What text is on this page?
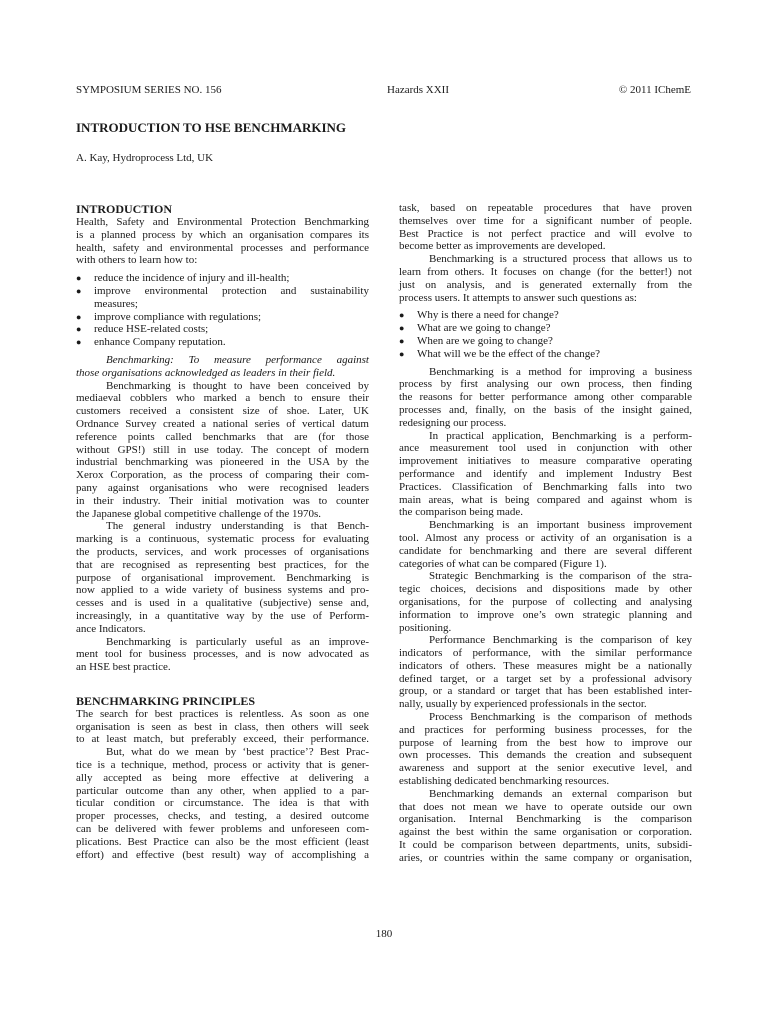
SYMPOSIUM SERIES NO. 156	Hazards XXII	© 2011 IChemE
INTRODUCTION TO HSE BENCHMARKING
A. Kay, Hydroprocess Ltd, UK
INTRODUCTION
Health, Safety and Environmental Protection Benchmarking
is a planned process by which an organisation compares its
health, safety and environmental processes and performance
with others to learn how to:
● reduce the incidence of injury and ill-health;
● improve environmental protection and sustainability
measures;
● improve compliance with regulations;
● reduce HSE-related costs;
● enhance Company reputation.
Benchmarking: To measure performance against
those organisations acknowledged as leaders in their field.
Benchmarking is thought to have been conceived by
mediaeval cobblers who marked a bench to ensure their
customers received a consistent size of shoe. Later, UK
Ordnance Survey created a national series of vertical datum
reference points called benchmarks that are (for those
without GPS!) still in use today. The concept of modern
industrial benchmarking was pioneered in the USA by the
Xerox Corporation, as the process of comparing their com-
pany against organisations who were recognised leaders
in their industry. Their initial motivation was to counter
the Japanese global competitive challenge of the 1970s.
The general industry understanding is that Bench-
marking is a continuous, systematic process for evaluating
the products, services, and work processes of organisations
that are recognised as representing best practices, for the
purpose of organisational improvement. Benchmarking is
now applied to a wide variety of business systems and pro-
cesses and is used in a qualitative (subjective) sense and,
increasingly, in a quantitative way by the use of Perform-
ance Indicators.
Benchmarking is particularly useful as an improve-
ment tool for business processes, and is now advocated as
an HSE best practice.
BENCHMARKING PRINCIPLES
The search for best practices is relentless. As soon as one
organisation is seen as best in class, then others will seek
to at least match, but preferably exceed, their performance.
But, what do we mean by ‘best practice’? Best Prac-
tice is a technique, method, process or activity that is gener-
ally accepted as being more effective at delivering a
particular outcome than any other, when applied to a par-
ticular condition or circumstance. The idea is that with
proper processes, checks, and testing, a desired outcome
can be delivered with fewer problems and unforeseen com-
plications. Best Practice can also be the most efficient (least
effort) and effective (best result) way of accomplishing a
task, based on repeatable procedures that have proven
themselves over time for a significant number of people.
Best Practice is not perfect practice and will evolve to
become better as improvements are developed.
Benchmarking is a structured process that allows us to
learn from others. It focuses on change (for the better!) not
just on analysis, and is generated externally from the
process users. It attempts to answer such questions as:
● Why is there a need for change?
● What are we going to change?
● When are we going to change?
● What will we be the effect of the change?
Benchmarking is a method for improving a business
process by first analysing our own process, then finding
the reasons for better performance among other comparable
processes and, finally, on the basis of the insight gained,
redesigning our process.
In practical application, Benchmarking is a perform-
ance measurement tool used in conjunction with other
improvement initiatives to measure comparative operating
performance and identify and implement Industry Best
Practices. Classification of Benchmarking falls into two
main areas, what is being compared and against whom is
the comparison being made.
Benchmarking is an important business improvement
tool. Almost any process or activity of an organisation is a
candidate for benchmarking and there are several different
categories of what can be compared (Figure 1).
Strategic Benchmarking is the comparison of the stra-
tegic choices, decisions and dispositions made by other
organisations, for the purpose of collecting and analysing
information to improve one’s own strategic planning and
positioning.
Performance Benchmarking is the comparison of key
indicators of performance, with the similar performance
indicators of others. These measures might be a nationally
defined target, or a target set by a professional advisory
group, or a standard or target that has been established inter-
nally, usually by experienced professionals in the sector.
Process Benchmarking is the comparison of methods
and practices for performing business processes, for the
purpose of learning from the best how to improve our
own processes. This demands the creation and subsequent
awareness and support at the senior executive level, and
establishing dedicated benchmarking resources.
Benchmarking demands an external comparison but
that does not mean we have to operate outside our own
organisation. Internal Benchmarking is the comparison
against the best within the same organisation or corporation.
It could be comparison between departments, units, subsidi-
aries, or countries within the same company or organisation,
180
